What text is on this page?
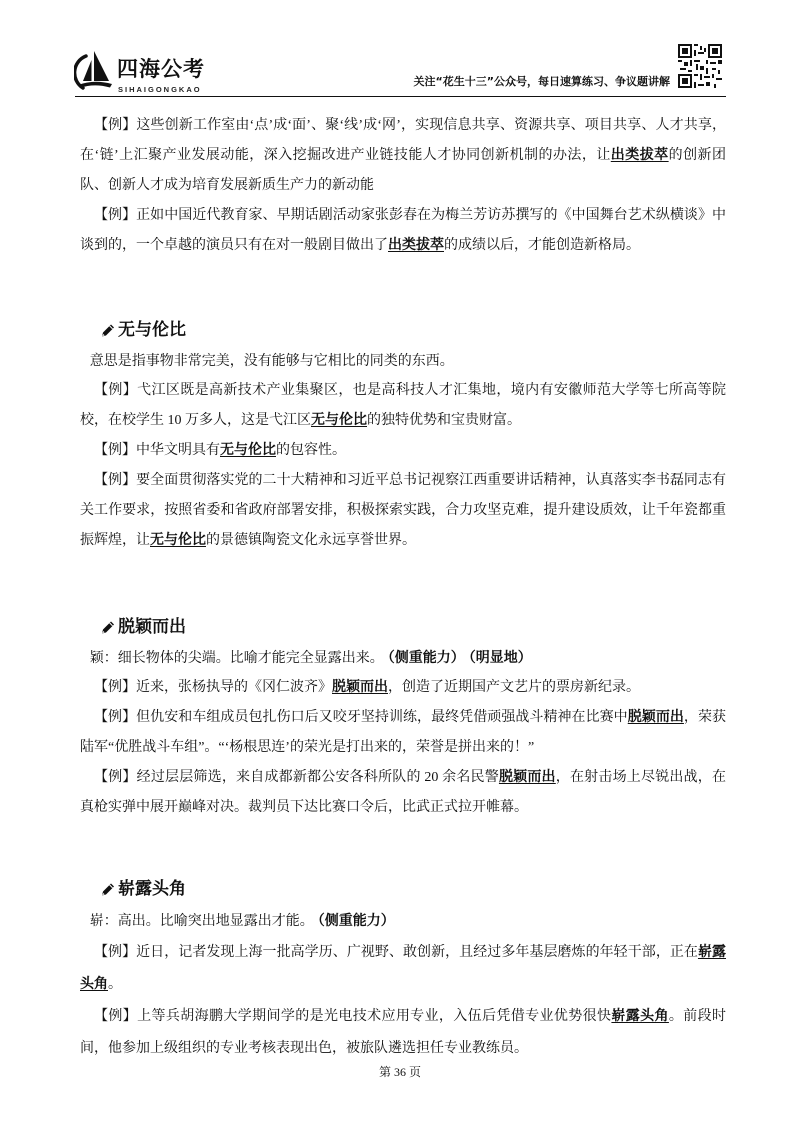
四海公考
SIHAIGONGKAO
关注“花生十三”公众号，每日速算练习、争议题讲解

【例】这些创新工作室由‘点’成‘面’、聚‘线’成‘网’，实现信息共享、资源共享、项目共享、人才共享，在‘链’上汇聚产业发展动能，深入挖掘改进产业链技能人才协同创新机制的办法，让出类拔萃的创新团队、创新人才成为培育发展新质生产力的新动能

【例】正如中国近代教育家、早期话剧活动家张彭春在为梅兰芳访苏撰写的《中国舞台艺术纵横谈》中谈到的，一个卓越的演员只有在对一般剧目做出了出类拔萃的成绩以后，才能创造新格局。

无与伦比

意思是指事物非常完美，没有能够与它相比的同类的东西。

【例】弋江区既是高新技术产业集聚区，也是高科技人才汇集地，境内有安徽师范大学等七所高等院校，在校学生 10 万多人，这是弋江区无与伦比的独特优势和宝贵财富。

【例】中华文明具有无与伦比的包容性。

【例】要全面贯彻落实党的二十大精神和习近平总书记视察江西重要讲话精神，认真落实李书磊同志有关工作要求，按照省委和省政府部署安排，积极探索实践，合力攻坚克难，提升建设质效，让千年瓷都重振辉煌，让无与伦比的景德镇陶瓷文化永远享誉世界。

脱颖而出

颖：细长物体的尖端。比喻才能完全显露出来。 （侧重能力） （明显地）

【例】近来，张杨执导的《冈仁波齐》脱颖而出，创造了近期国产文艺片的票房新纪录。

【例】但仇安和车组成员包扎伤口后又咬牙坚持训练，最终凭借顽强战斗精神在比赛中脱颖而出，荣获陆军“优胜战斗车组”。“‘杨根思连’的荣光是打出来的，荣誉是拼出来的！”

【例】经过层层筛选，来自成都新都公安各科所队的 20 余名民警脱颖而出，在射击场上尽锐出战，在真枪实弹中展开巅峰对决。裁判员下达比赛口令后，比武正式拉开帷幕。

崭露头角

崭：高出。比喻突出地显露出才能。 （侧重能力）

【例】近日，记者发现上海一批高学历、广视野、敢创新，且经过多年基层磨炼的年轻干部，正在崭露头角。

【例】上等兵胡海鹏大学期间学的是光电技术应用专业，入伍后凭借专业优势很快崭露头角。前段时间，他参加上级组织的专业考核表现出色，被旅队遴选担任专业教练员。

第 36 页
